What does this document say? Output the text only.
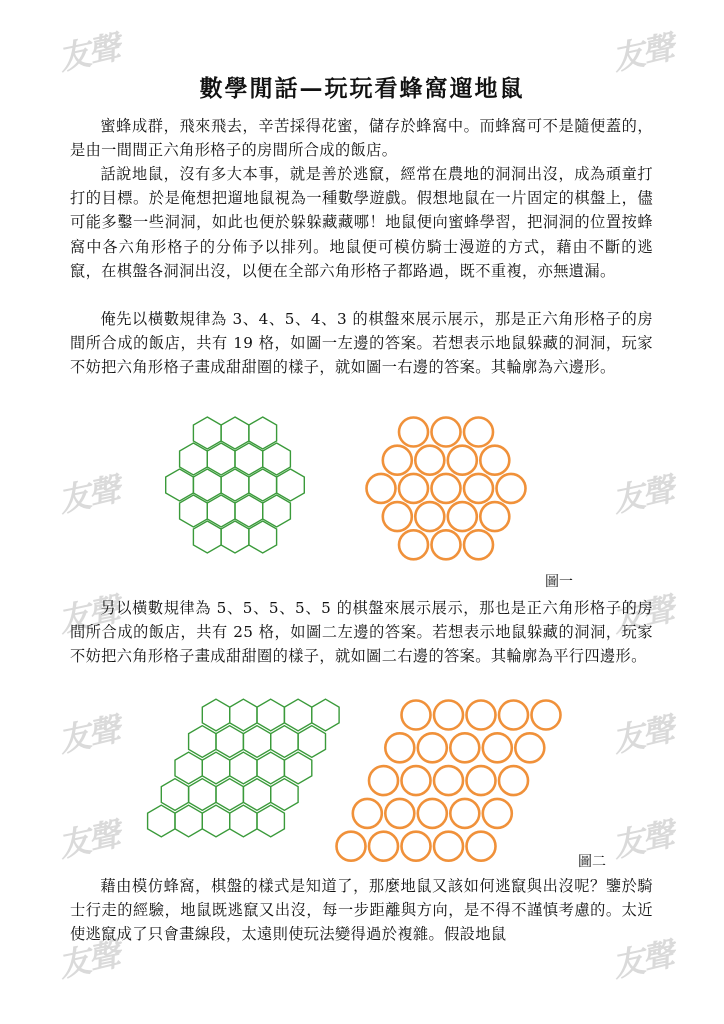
友聲	友聲
友聲	友聲
友聲	友聲
友聲	友聲
友聲	友聲
友聲	友聲
數學閒話—玩玩看蜂窩遛地鼠

蜜蜂成群，飛來飛去，辛苦採得花蜜，儲存於蜂窩中。而蜂窩可不是隨便蓋的，是由一間間正六角形格子的房間所合成的飯店。

話說地鼠，沒有多大本事，就是善於逃竄，經常在農地的洞洞出沒，成為頑童打打的目標。於是俺想把遛地鼠視為一種數學遊戲。假想地鼠在一片固定的棋盤上，儘可能多鑿一些洞洞，如此也便於躲躲藏藏哪！地鼠便向蜜蜂學習，把洞洞的位置按蜂窩中各六角形格子的分佈予以排列。地鼠便可模仿騎士漫遊的方式，藉由不斷的逃竄，在棋盤各洞洞出沒，以便在全部六角形格子都路過，既不重複，亦無遺漏。

俺先以橫數規律為 3、4、5、4、3 的棋盤來展示展示，那是正六角形格子的房間所合成的飯店，共有 19 格，如圖一左邊的答案。若想表示地鼠躲藏的洞洞，玩家不妨把六角形格子畫成甜甜圈的樣子，就如圖一右邊的答案。其輪廓為六邊形。

圖一

另以橫數規律為 5、5、5、5、5 的棋盤來展示展示，那也是正六角形格子的房間所合成的飯店，共有 25 格，如圖二左邊的答案。若想表示地鼠躲藏的洞洞，玩家不妨把六角形格子畫成甜甜圈的樣子，就如圖二右邊的答案。其輪廓為平行四邊形。

圖二

藉由模仿蜂窩，棋盤的樣式是知道了，那麼地鼠又該如何逃竄與出沒呢？鑒於騎士行走的經驗，地鼠既逃竄又出沒，每一步距離與方向，是不得不謹慎考慮的。太近使逃竄成了只會畫線段，太遠則使玩法變得過於複雜。假設地鼠
